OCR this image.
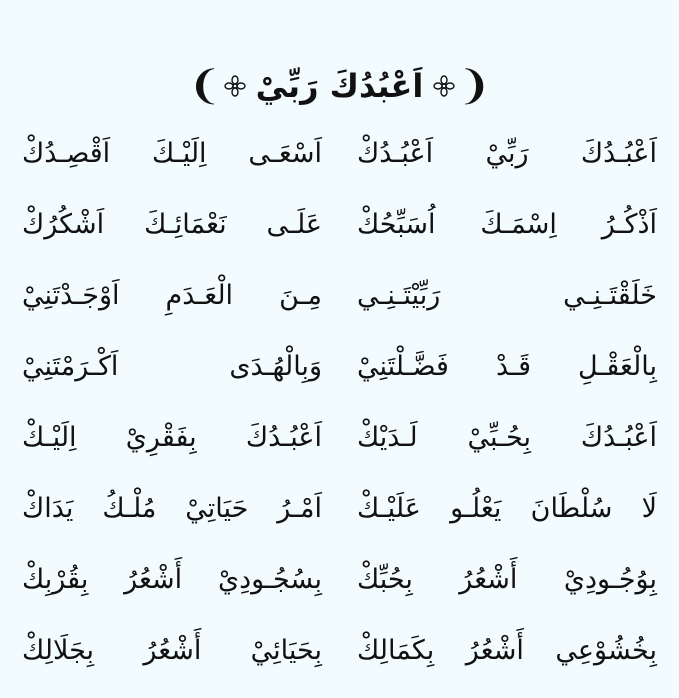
❨ اَعْبُدُكَ رَبِّيْ ❩
اَعْبُـدُكَ رَبِّيْ اَعْبُـدُكْ
اَسْعَـى اِلَيْـكَ اَقْصِـدُكْ
اَذْكُـرُ اِسْمَـكَ اُسَبِّحُكْ
عَلَـى نَعْمَائِـكَ اَشْكُرُكْ
خَلَقْتَـنِـي رَبِّيْتَـنِـي
مِـنَ الْعَـدَمِ اَوْجَـدْتَنِيْ
بِالْعَقْـلِ قَـدْ فَضَّـلْتَنِيْ
وَبِالْهُـدَى اَكْـرَمْتَنِيْ
اَعْبُـدُكَ بِحُـبِّيْ لَـدَيْكْ
اَعْبُـدُكَ بِفَقْرِيْ اِلَيْـكْ
لَا سُلْطَانَ يَعْلُـو عَلَيْـكْ
اَمْـرُ حَيَاتِيْ مُلْـكُ يَدَاكْ
بِوُجُـودِيْ أَشْعُرُ بِحُبِّكْ
بِسُجُـودِيْ أَشْعُرُ بِقُرْبِكْ
بِخُشُوْعِي أَشْعُرُ بِكَمَالِكْ
بِحَيَائِيْ أَشْعُرُ بِجَلَالِكْ
